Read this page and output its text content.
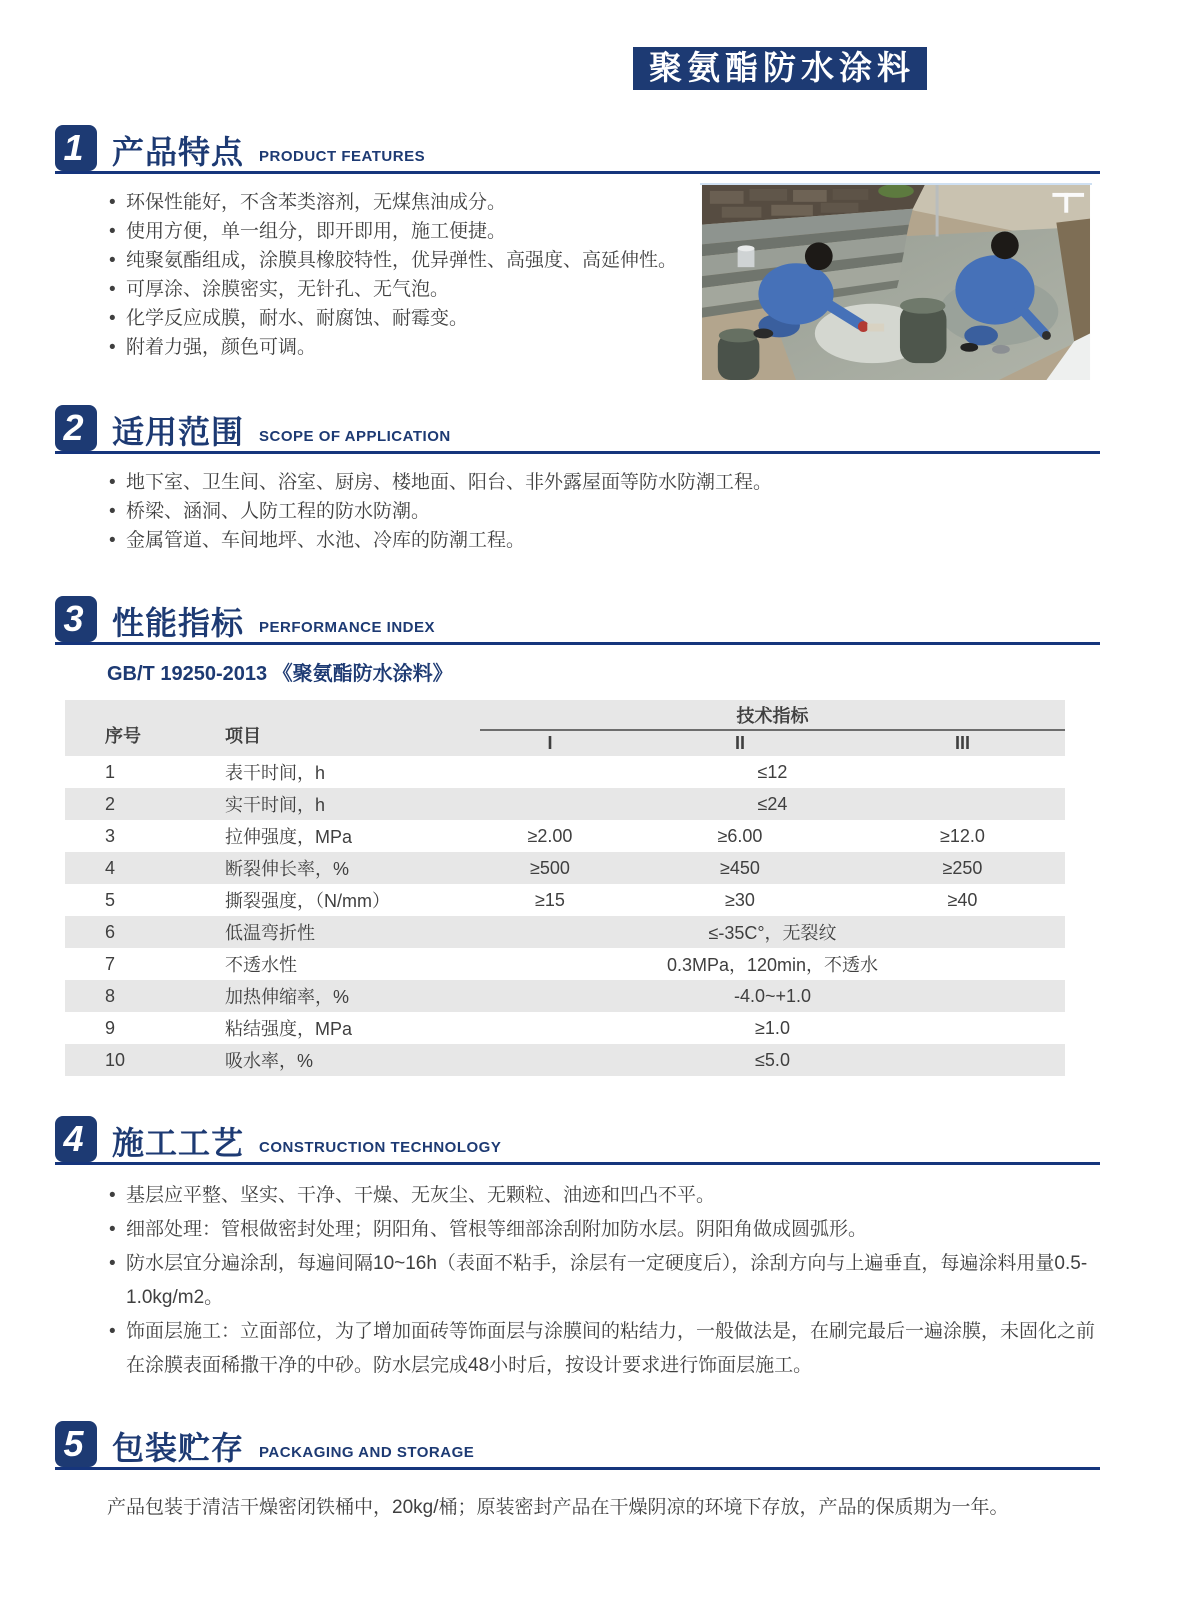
聚氨酯防水涂料
1 产品特点 PRODUCT FEATURES
• 环保性能好，不含苯类溶剂，无煤焦油成分。
• 使用方便，单一组分，即开即用，施工便捷。
• 纯聚氨酯组成，涂膜具橡胶特性，优异弹性、高强度、高延伸性。
• 可厚涂、涂膜密实，无针孔、无气泡。
• 化学反应成膜，耐水、耐腐蚀、耐霉变。
• 附着力强，颜色可调。
2 适用范围 SCOPE OF APPLICATION
• 地下室、卫生间、浴室、厨房、楼地面、阳台、非外露屋面等防水防潮工程。
• 桥梁、涵洞、人防工程的防水防潮。
• 金属管道、车间地坪、水池、冷库的防潮工程。
3 性能指标 PERFORMANCE INDEX
GB/T 19250-2013 《聚氨酯防水涂料》
序号	项目	技术指标		
		I	II	III
1	表干时间，h	≤12		
2	实干时间，h	≤24		
3	拉伸强度，MPa	≥2.00	≥6.00	≥12.0
4	断裂伸长率，%	≥500	≥450	≥250
5	撕裂强度，（N/mm）	≥15	≥30	≥40
6	低温弯折性	≤-35C°，无裂纹		
7	不透水性	0.3MPa，120min，不透水		
8	加热伸缩率，%	-4.0~+1.0		
9	粘结强度，MPa	≥1.0		
10	吸水率，%	≤5.0		
4 施工工艺 CONSTRUCTION TECHNOLOGY
• 基层应平整、坚实、干净、干燥、无灰尘、无颗粒、油迹和凹凸不平。
• 细部处理：管根做密封处理；阴阳角、管根等细部涂刮附加防水层。阴阳角做成圆弧形。
• 防水层宜分遍涂刮，每遍间隔10~16h（表面不粘手，涂层有一定硬度后），涂刮方向与上遍垂直，每遍涂料用量0.5-1.0kg/m2。
• 饰面层施工：立面部位，为了增加面砖等饰面层与涂膜间的粘结力，一般做法是，在刷完最后一遍涂膜，未固化之前在涂膜表面稀撒干净的中砂。防水层完成48小时后，按设计要求进行饰面层施工。
5 包装贮存 PACKAGING AND STORAGE
产品包装于清洁干燥密闭铁桶中，20kg/桶；原装密封产品在干燥阴凉的环境下存放，产品的保质期为一年。
